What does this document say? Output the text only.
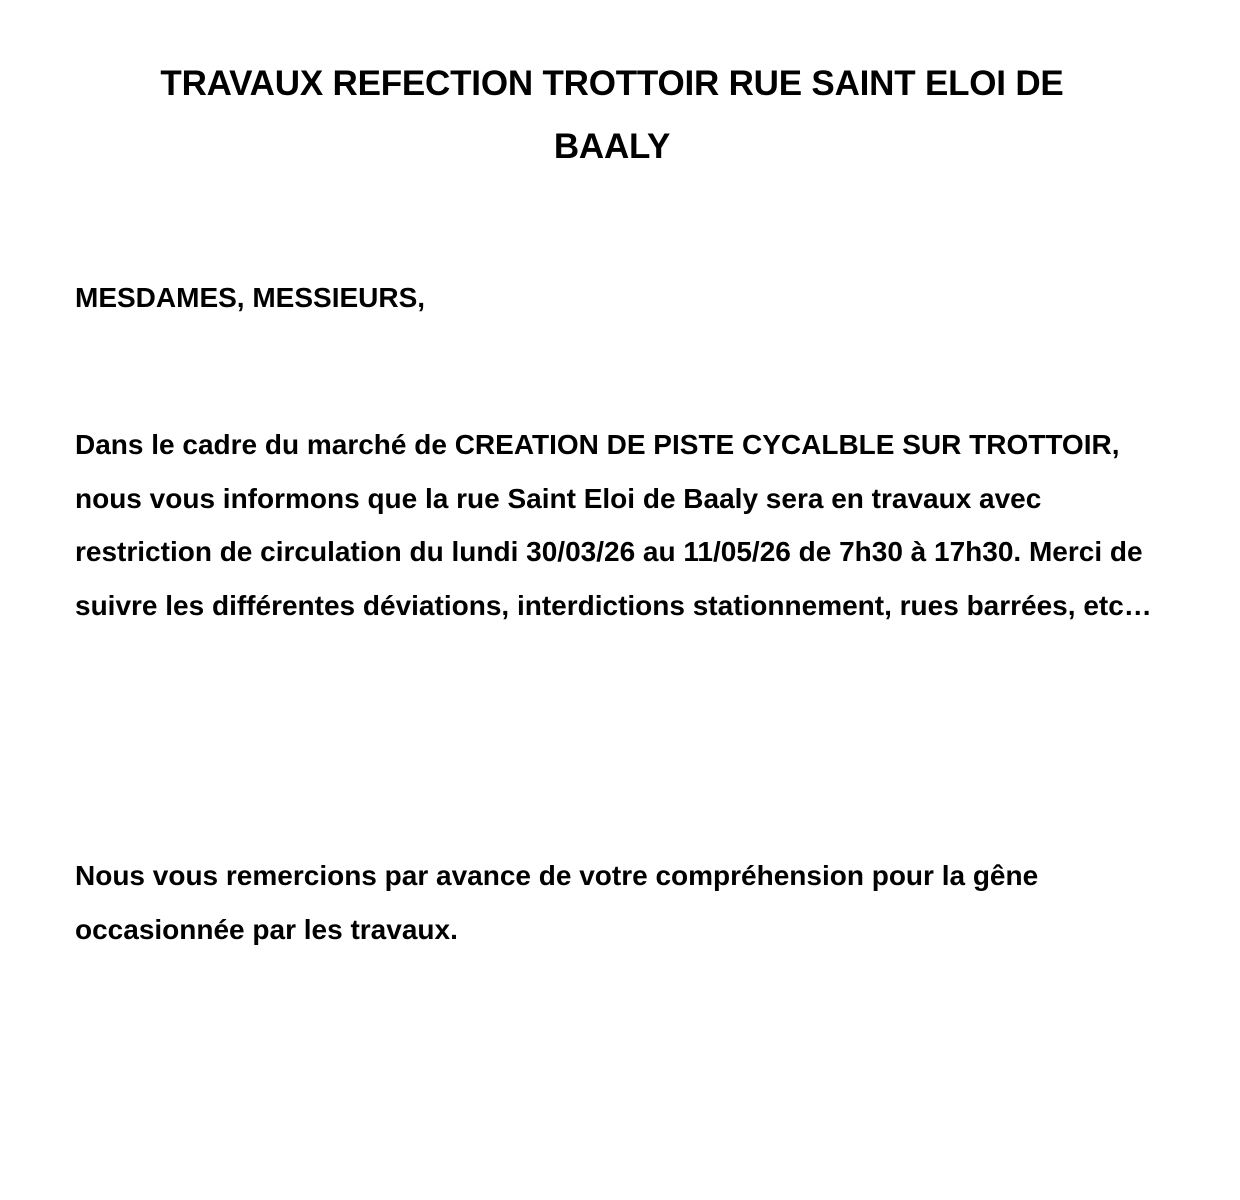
TRAVAUX REFECTION TROTTOIR RUE SAINT ELOI DE BAALY

MESDAMES, MESSIEURS,

Dans le cadre du marché de CREATION DE PISTE CYCALBLE SUR TROTTOIR, nous vous informons que la rue Saint Eloi de Baaly sera en travaux avec restriction de circulation du lundi 30/03/26 au 11/05/26 de 7h30 à 17h30. Merci de suivre les différentes déviations, interdictions stationnement, rues barrées, etc…

Nous vous remercions par avance de votre compréhension pour la gêne occasionnée par les travaux.
